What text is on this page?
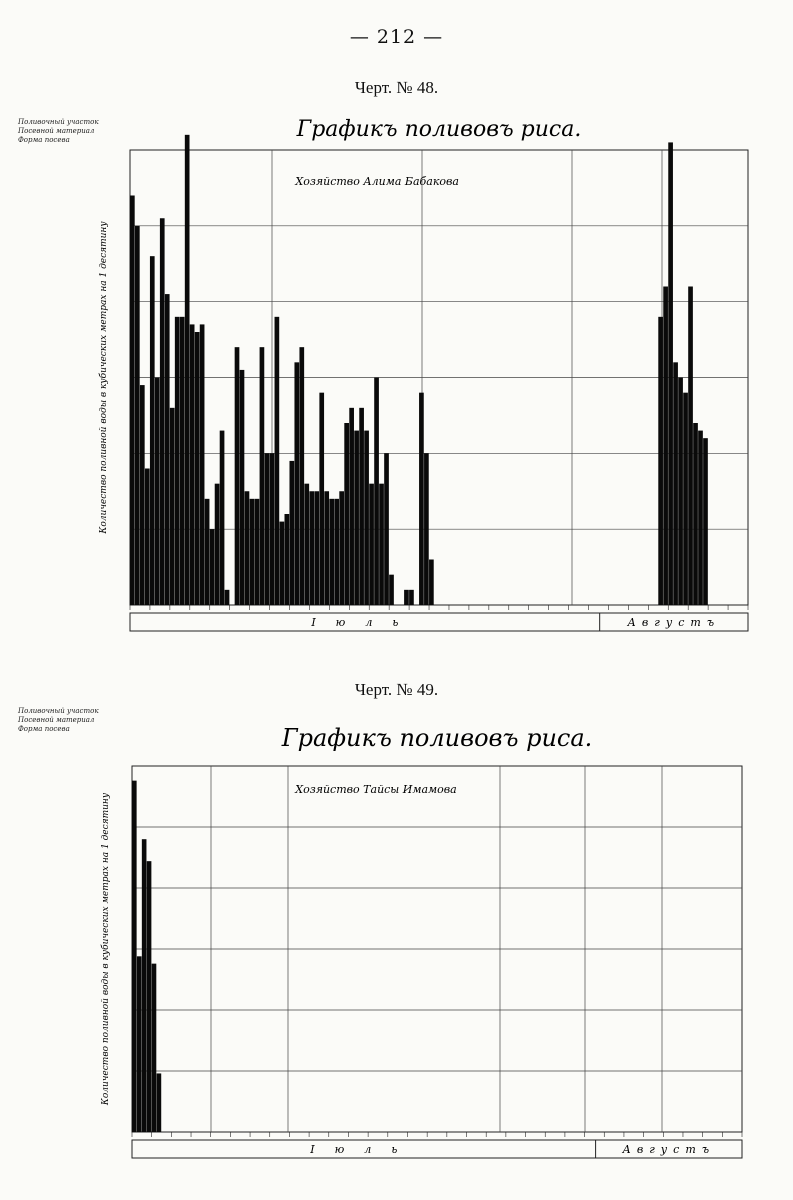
— 212 —
Черт. № 48.
Поливочный участок
Посевной материал
Форма посева	Графикъ поливовъ риса.
Хозяйство Алима Бабакова
Количество поливной воды в кубических метрах на 1 десятину
Іюль	Августъ
Черт. № 49.
Поливочный участок
Посевной материал
Форма посева	Графикъ поливовъ риса.
Хозяйство Тайсы Имамова
Количество поливной воды в кубических метрах на 1 десятину
Іюль	Августъ
